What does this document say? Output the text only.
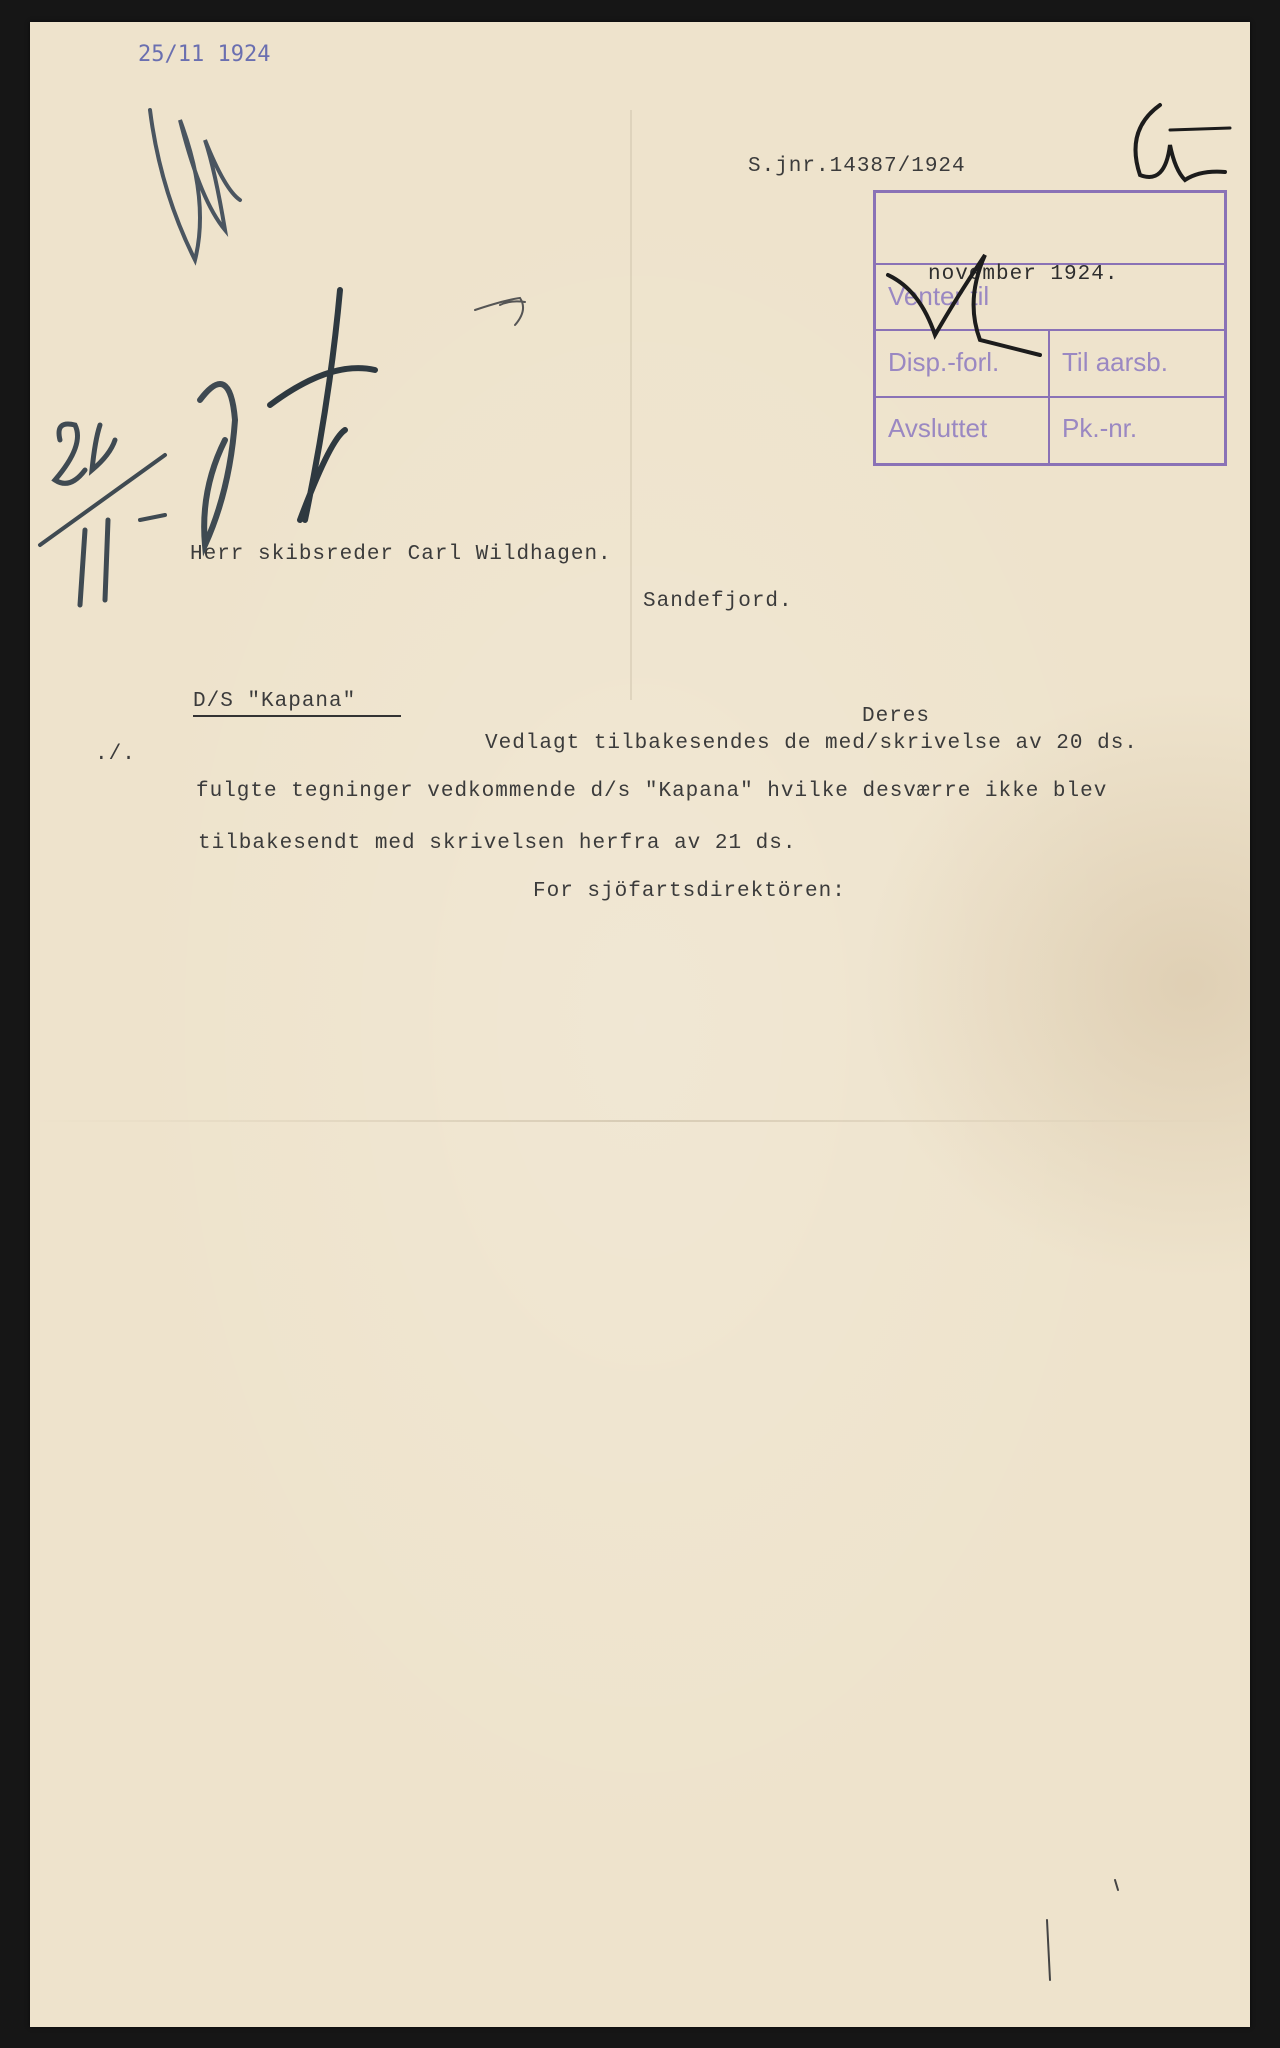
25/11 1924
S.jnr.14387/1924
Venter til
Disp.-forl. Til aarsb.
Avsluttet	Pk.-nr.
november 1924.
Herr skibsreder Carl Wildhagen.
Sandefjord.
D/S "Kapana"
./.
Deres
Vedlagt tilbakesendes de med/skrivelse av 20 ds.
fulgte tegninger vedkommende d/s "Kapana" hvilke desværre ikke blev
tilbakesendt med skrivelsen herfra av 21 ds.
For sjöfartsdirektören:
